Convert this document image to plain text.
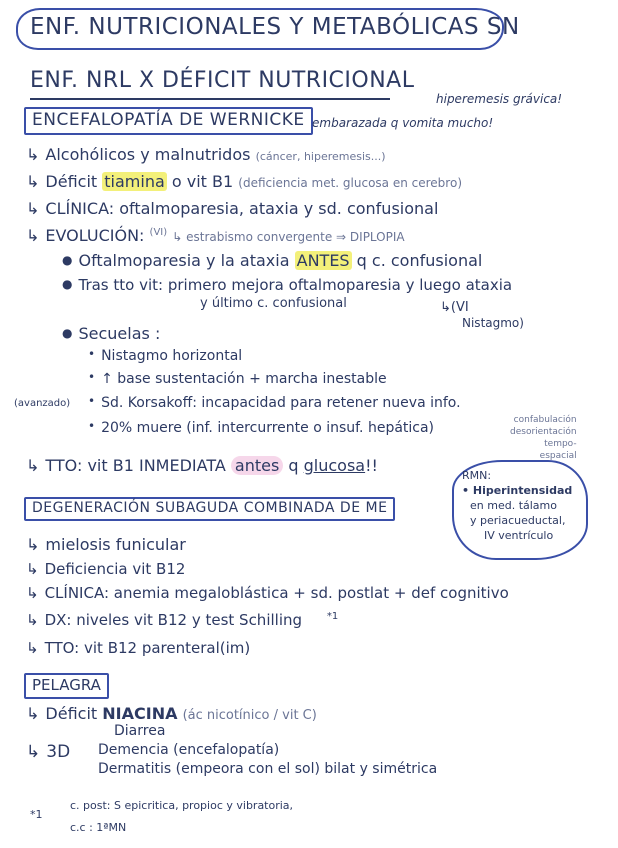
ENF. NUTRICIONALES Y METABÓLICAS SN
ENF. NRL X DÉFICIT NUTRICIONAL
ENCEFALOPATÍA DE WERNICKE
hiperemesis grávica!
embarazada q vomita mucho!
↳ Alcohólicos y malnutridos (cáncer, hiperemesis...)
↳ Déficit tiamina o vit B1 (deficiencia met. glucosa en cerebro)
↳ CLÍNICA: oftalmoparesia, ataxia y sd. confusional
↳ EVOLUCIÓN: $^{(VI)}$ ↳ estrabismo convergente ⇒ DIPLOPIA
● Oftalmoparesia y la ataxia ANTES q c. confusional
● Tras tto vit: primero mejora oftalmoparesia y luego ataxia
y último c. confusional	↳(VI
Nistagmo)
● Secuelas :
• Nistagmo horizontal
• ↑ base sustentación + marcha inestable
(avanzado) • Sd. Korsakoff: incapacidad para retener nueva info.
• 20% muere (inf. intercurrente o insuf. hepática)	confabulación
desorientación
tempo-
espacial
↳ TTO: vit B1 INMEDIATA antes q glucosa!!
RMN:
• Hiperintensidad
en med. tálamo
y periacueductal,
IV ventrículo
DEGENERACIÓN SUBAGUDA COMBINADA DE ME
↳ mielosis funicular
↳ Deficiencia vit B12
↳ CLÍNICA: anemia megaloblástica + sd. postlat + def cognitivo
↳ DX: niveles vit B12 y test Schilling $^{*1}$
↳ TTO: vit B12 parenteral(im)
PELAGRA
↳ Déficit NIACINA (ác nicotínico / vit C)
↳ 3D
Diarrea
Demencia (encefalopatía)
Dermatitis (empeora con el sol) bilat y simétrica
*1
c. post: S epicritica, propioc y vibratoria,
c.c : 1ªMN
